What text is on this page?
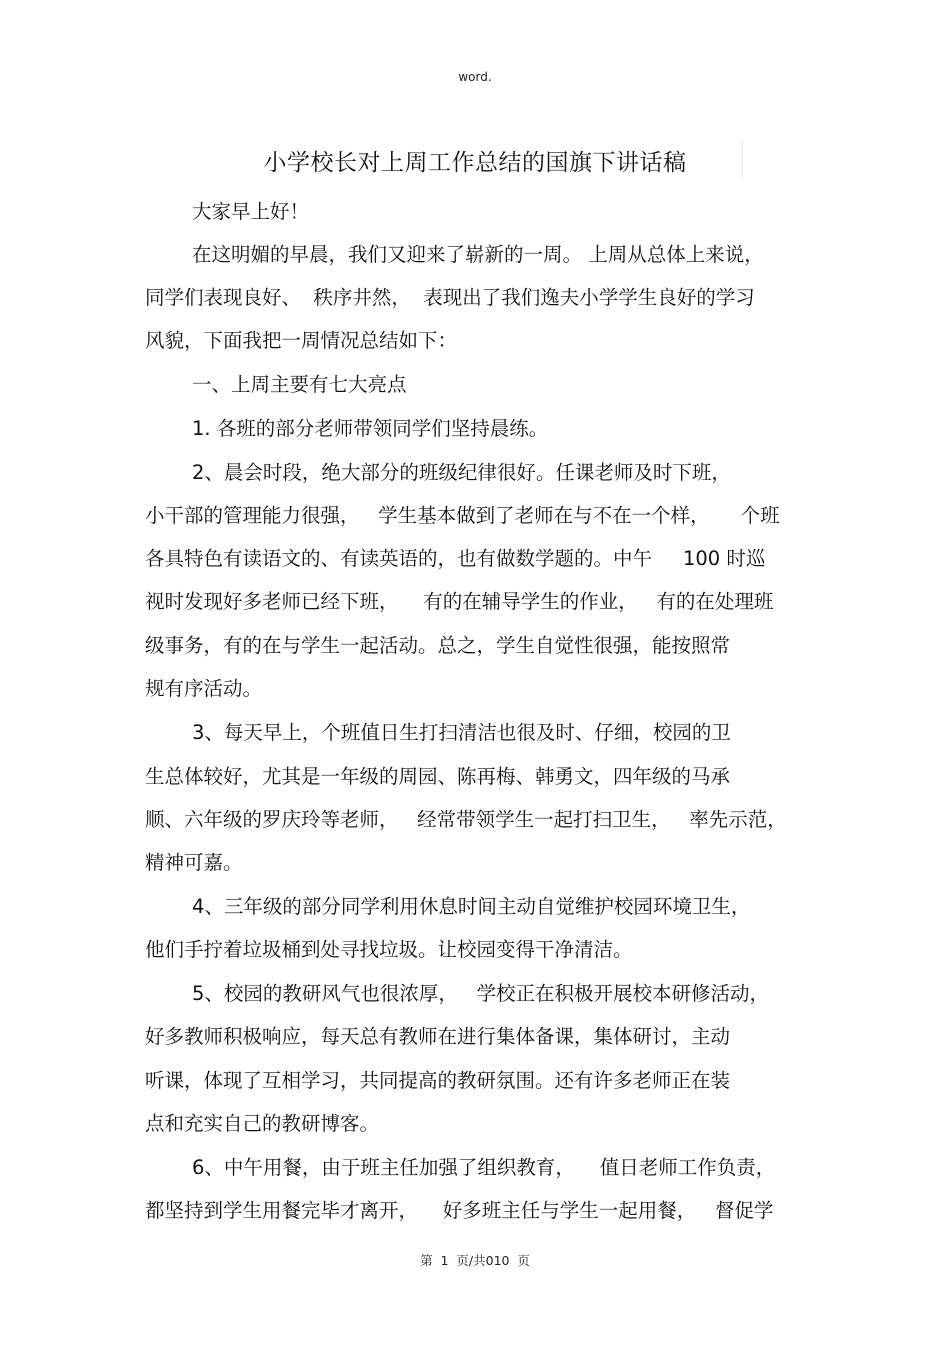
word.
小学校长对上周工作总结的国旗下讲话稿
大家早上好！
在这明媚的早晨，我们又迎来了崭新的一周。 上周从总体上来说，
同学们表现良好、  秩序井然，  表现出了我们逸夫小学学生良好的学习
风貌，下面我把一周情况总结如下：
一、上周主要有七大亮点
1. 各班的部分老师带领同学们坚持晨练。
2、晨会时段，绝大部分的班级纪律很好。任课老师及时下班，
小干部的管理能力很强，   学生基本做到了老师在与不在一个样，     个班
各具特色有读语文的、有读英语的，也有做数学题的。中午     100 时巡
视时发现好多老师已经下班，    有的在辅导学生的作业，   有的在处理班
级事务，有的在与学生一起活动。总之，学生自觉性很强，能按照常
规有序活动。
3、每天早上，个班值日生打扫清洁也很及时、仔细，校园的卫
生总体较好，尤其是一年级的周园、陈再梅、韩勇文，四年级的马承
顺、六年级的罗庆玲等老师，   经常带领学生一起打扫卫生，   率先示范，
精神可嘉。
4、三年级的部分同学利用休息时间主动自觉维护校园环境卫生，
他们手拧着垃圾桶到处寻找垃圾。让校园变得干净清洁。
5、校园的教研风气也很浓厚，   学校正在积极开展校本研修活动，
好多教师积极响应，每天总有教师在进行集体备课，集体研讨，主动
听课，体现了互相学习，共同提高的教研氛围。还有许多老师正在装
点和充实自己的教研博客。
6、中午用餐，由于班主任加强了组织教育，    值日老师工作负责，
都坚持到学生用餐完毕才离开，    好多班主任与学生一起用餐，   督促学
第  1  页/共010  页
